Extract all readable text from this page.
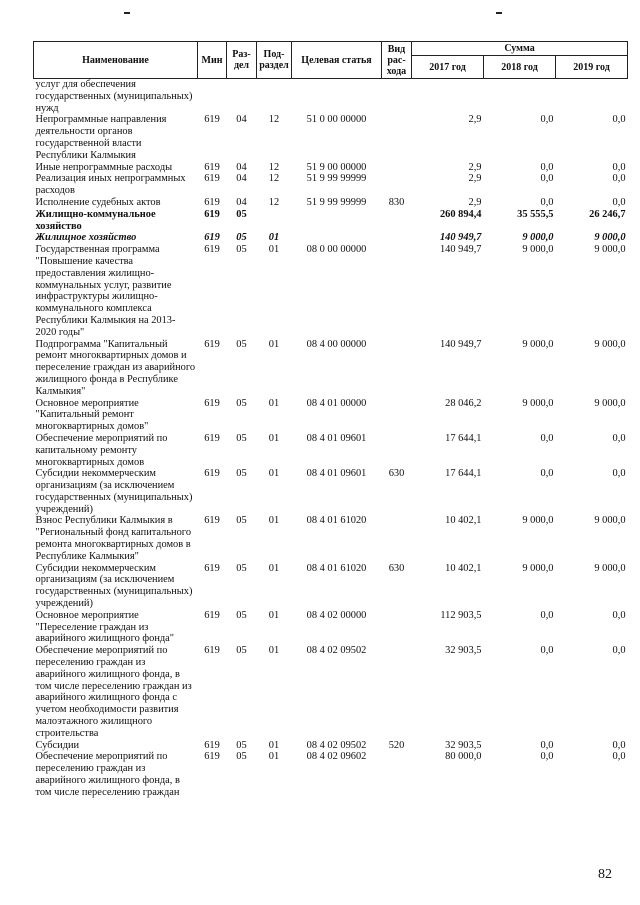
Наименование	Мин	Раз-дел	Под-раздел	Целевая статья	Вид рас-хода	Сумма		
						2017 год	2018 год	2019 год
услуг для обеспечения государственных (муниципальных) нужд								
Непрограммные направления деятельности органов государственной власти Республики Калмыкия	619	04	12	51 0 00 00000		2,9	0,0	0,0
Иные непрограммные расходы	619	04	12	51 9 00 00000		2,9	0,0	0,0
Реализация иных непрограммных расходов	619	04	12	51 9 99 99999		2,9	0,0	0,0
Исполнение судебных актов	619	04	12	51 9 99 99999	830	2,9	0,0	0,0
Жилищно-коммунальное хозяйство	619	05				260 894,4	35 555,5	26 246,7
Жилищное хозяйство	619	05	01			140 949,7	9 000,0	9 000,0
Государственная программа "Повышение качества предоставления жилищно-коммунальных услуг, развитие инфраструктуры жилищно-коммунального комплекса Республики Калмыкия на 2013-2020 годы"	619	05	01	08 0 00 00000		140 949,7	9 000,0	9 000,0
Подпрограмма "Капитальный ремонт многоквартирных домов и переселение граждан из аварийного жилищного фонда в Республике Калмыкия"	619	05	01	08 4 00 00000		140 949,7	9 000,0	9 000,0
Основное мероприятие "Капитальный ремонт многоквартирных домов"	619	05	01	08 4 01 00000		28 046,2	9 000,0	9 000,0
Обеспечение мероприятий по капитальному ремонту многоквартирных домов	619	05	01	08 4 01 09601		17 644,1	0,0	0,0
Субсидии некоммерческим организациям (за исключением государственных (муниципальных) учреждений)	619	05	01	08 4 01 09601	630	17 644,1	0,0	0,0
Взнос Республики Калмыкия в "Региональный фонд капитального ремонта многоквартирных домов в Республике Калмыкия"	619	05	01	08 4 01 61020		10 402,1	9 000,0	9 000,0
Субсидии некоммерческим организациям (за исключением государственных (муниципальных) учреждений)	619	05	01	08 4 01 61020	630	10 402,1	9 000,0	9 000,0
Основное мероприятие "Переселение граждан из аварийного жилищного фонда"	619	05	01	08 4 02 00000		112 903,5	0,0	0,0
Обеспечение мероприятий по переселению граждан из аварийного жилищного фонда, в том числе переселению граждан из аварийного жилищного фонда с учетом необходимости развития малоэтажного жилищного строительства	619	05	01	08 4 02 09502		32 903,5	0,0	0,0
Субсидии	619	05	01	08 4 02 09502	520	32 903,5	0,0	0,0
Обеспечение мероприятий по переселению граждан из аварийного жилищного фонда, в том числе переселению граждан	619	05	01	08 4 02 09602		80 000,0	0,0	0,0
82
